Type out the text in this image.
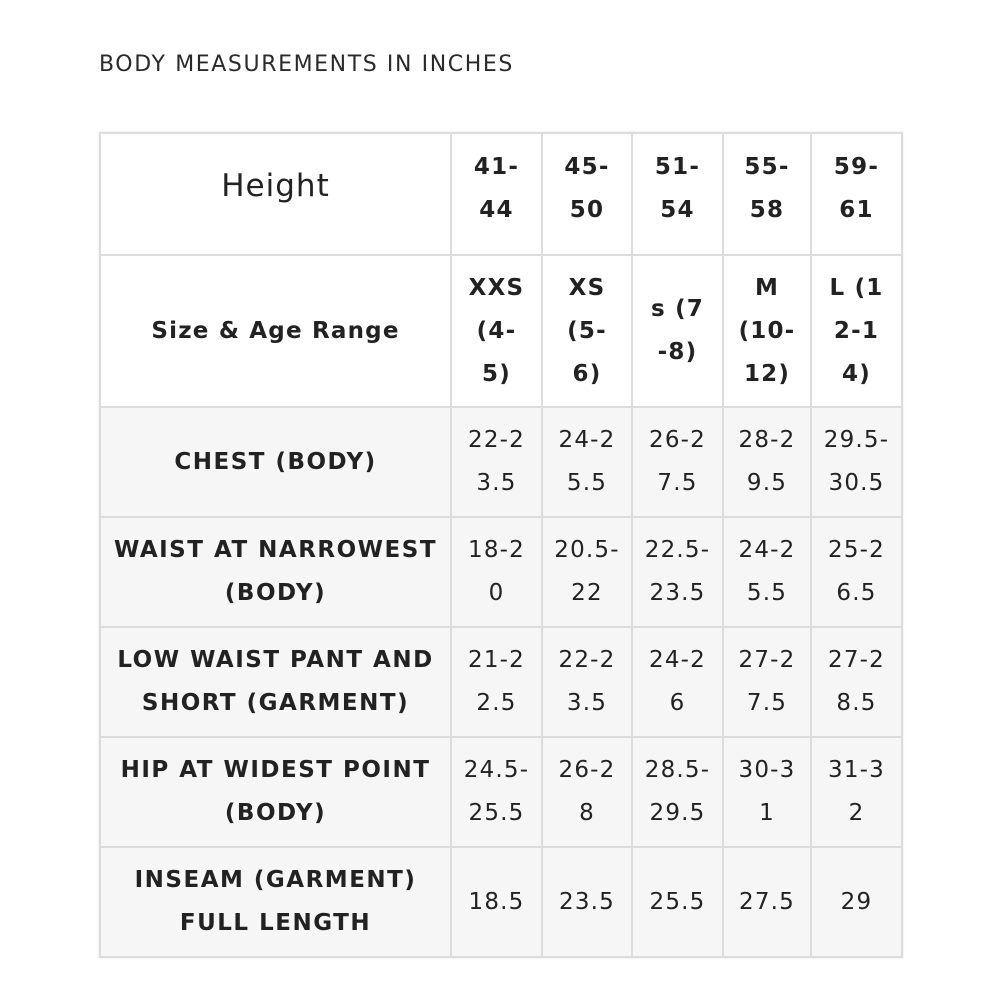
BODY MEASUREMENTS IN INCHES
Height	41-44	45-50	51-54	55-58	59-61
Size & Age Range	XXS (4-5)	XS (5-6)	s (7-8)	M (10-12)	L (12-14)
CHEST (BODY)	22-23.5	24-25.5	26-27.5	28-29.5	29.5-30.5
WAIST AT NARROWEST (BODY)	18-20	20.5-22	22.5-23.5	24-25.5	25-26.5
LOW WAIST PANT AND SHORT (GARMENT)	21-22.5	22-23.5	24-26	27-27.5	27-28.5
HIP AT WIDEST POINT (BODY)	24.5-25.5	26-28	28.5-29.5	30-31	31-32
INSEAM (GARMENT) FULL LENGTH	18.5	23.5	25.5	27.5	29
